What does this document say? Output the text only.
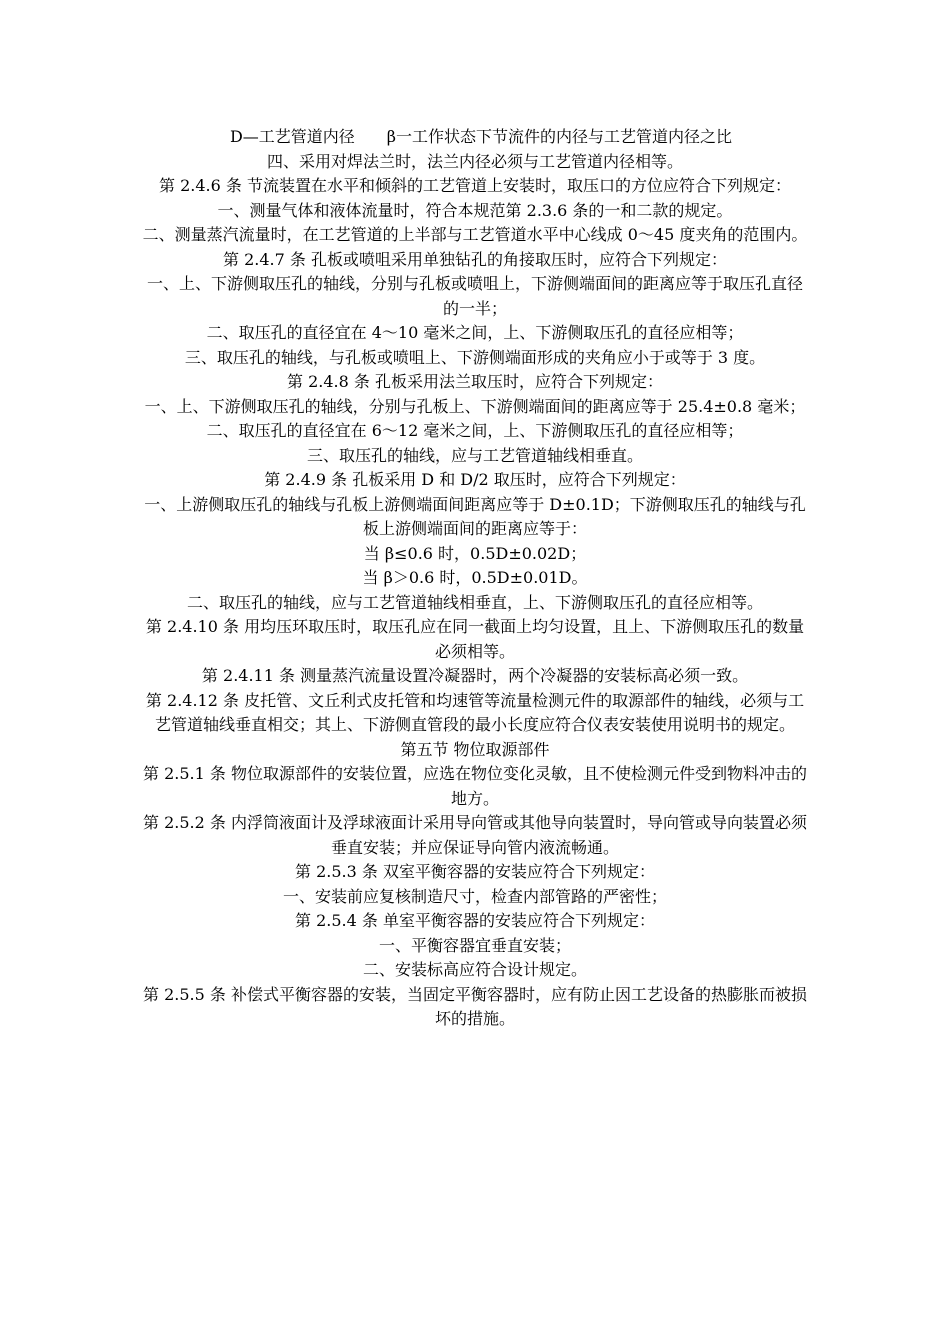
D—工艺管道内径　　β一工作状态下节流件的内径与工艺管道内径之比

四、采用对焊法兰时，法兰内径必须与工艺管道内径相等。

第 2.4.6 条 节流装置在水平和倾斜的工艺管道上安装时，取压口的方位应符合下列规定：

一、测量气体和液体流量时，符合本规范第 2.3.6 条的一和二款的规定。

二、测量蒸汽流量时，在工艺管道的上半部与工艺管道水平中心线成 0～45 度夹角的范围内。

第 2.4.7 条 孔板或喷咀采用单独钻孔的角接取压时，应符合下列规定：

一、上、下游侧取压孔的轴线，分别与孔板或喷咀上，下游侧端面间的距离应等于取压孔直径的一半；

二、取压孔的直径宜在 4～10 毫米之间，上、下游侧取压孔的直径应相等；

三、取压孔的轴线，与孔板或喷咀上、下游侧端面形成的夹角应小于或等于 3 度。

第 2.4.8 条 孔板采用法兰取压时，应符合下列规定：

一、上、下游侧取压孔的轴线，分别与孔板上、下游侧端面间的距离应等于 25.4±0.8 毫米；

二、取压孔的直径宜在 6～12 毫米之间，上、下游侧取压孔的直径应相等；

三、取压孔的轴线，应与工艺管道轴线相垂直。

第 2.4.9 条 孔板采用 D 和 D/2 取压时，应符合下列规定：

一、上游侧取压孔的轴线与孔板上游侧端面间距离应等于 D±0.1D；下游侧取压孔的轴线与孔板上游侧端面间的距离应等于：

当 β≤0.6 时，0.5D±0.02D；

当 β＞0.6 时，0.5D±0.01D。

二、取压孔的轴线，应与工艺管道轴线相垂直，上、下游侧取压孔的直径应相等。

第 2.4.10 条 用均压环取压时，取压孔应在同一截面上均匀设置，且上、下游侧取压孔的数量必须相等。

第 2.4.11 条 测量蒸汽流量设置冷凝器时，两个冷凝器的安装标高必须一致。

第 2.4.12 条 皮托管、文丘利式皮托管和均速管等流量检测元件的取源部件的轴线，必须与工艺管道轴线垂直相交；其上、下游侧直管段的最小长度应符合仪表安装使用说明书的规定。

第五节 物位取源部件

第 2.5.1 条 物位取源部件的安装位置，应选在物位变化灵敏，且不使检测元件受到物料冲击的地方。

第 2.5.2 条 内浮筒液面计及浮球液面计采用导向管或其他导向装置时，导向管或导向装置必须垂直安装；并应保证导向管内液流畅通。

第 2.5.3 条 双室平衡容器的安装应符合下列规定：

一、安装前应复核制造尺寸，检查内部管路的严密性；

第 2.5.4 条 单室平衡容器的安装应符合下列规定：

一、平衡容器宜垂直安装；

二、安装标高应符合设计规定。

第 2.5.5 条 补偿式平衡容器的安装，当固定平衡容器时，应有防止因工艺设备的热膨胀而被损坏的措施。
